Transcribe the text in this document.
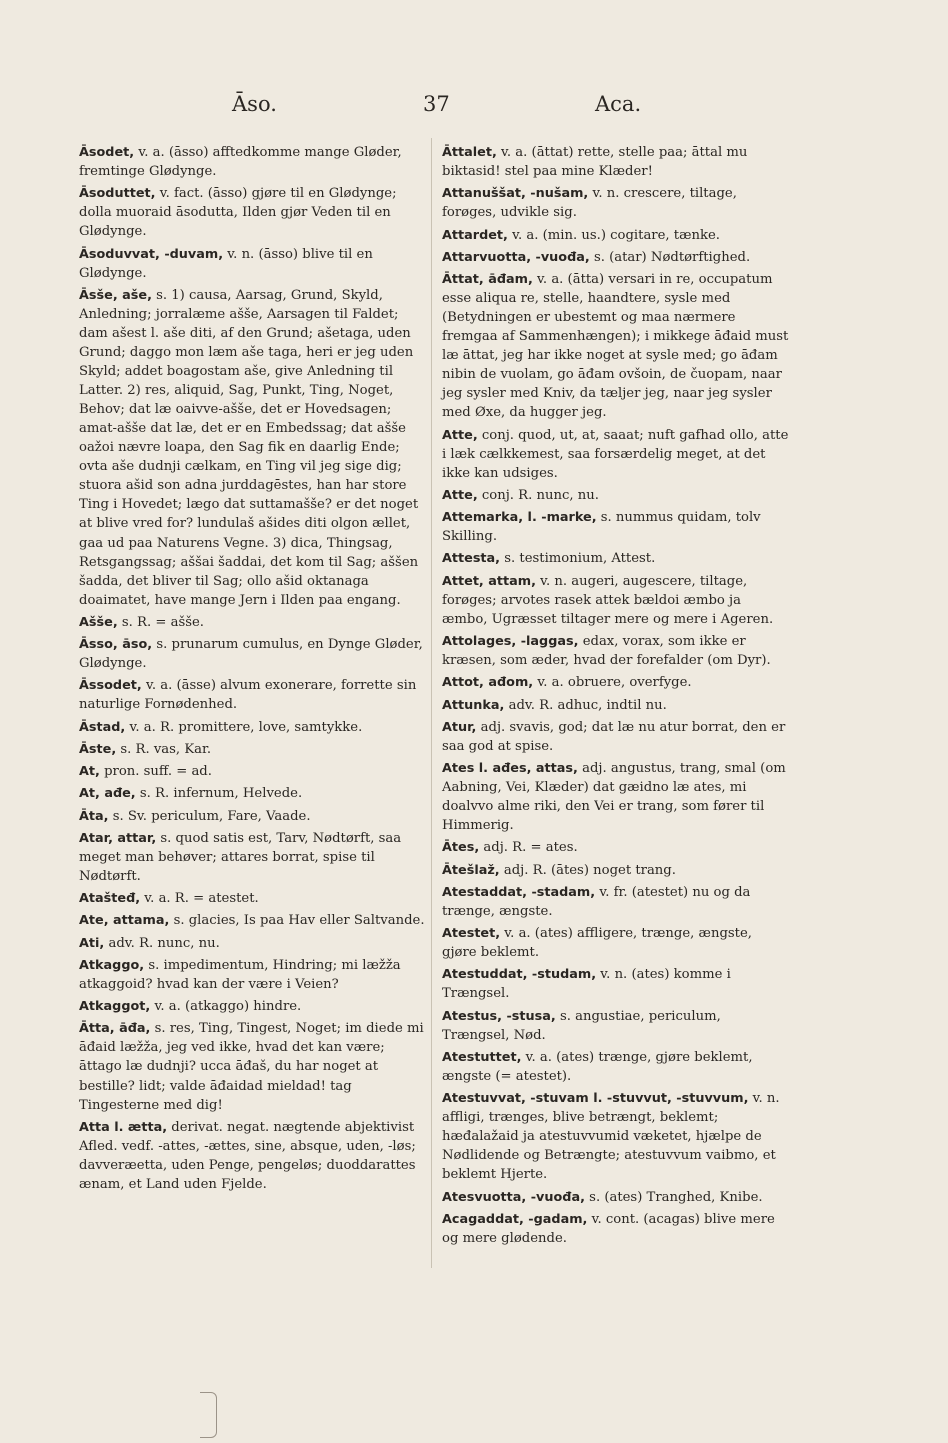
Āso.	37	Aca.

Āsodet, v. a. (āsso) afftedkomme mange Gløder, fremtinge Glødynge.

Āsoduttet, v. fact. (āsso) gjøre til en Glødynge; dolla muoraid āsodutta, Ilden gjør Veden til en Glødynge.

Āsoduvvat, -duvam, v. n. (āsso) blive til en Glødynge.

Āsše, aše, s. 1) causa, Aarsag, Grund, Skyld, Anledning; jorralæme ašše, Aarsagen til Faldet; dam ašest l. aše diti, af den Grund; ašetaga, uden Grund; daggo mon læm aše taga, heri er jeg uden Skyld; addet boagostam aše, give Anledning til Latter. 2) res, aliquid, Sag, Punkt, Ting, Noget, Behov; dat læ oaivve-ašše, det er Hovedsagen; amat-ašše dat læ, det er en Embedssag; dat ašše oažoi nævre loapa, den Sag fik en daarlig Ende; ovta aše dudnji cælkam, en Ting vil jeg sige dig; stuora ašid son adna jurddagēstes, han har store Ting i Hovedet; lægo dat suttamašše? er det noget at blive vred for? lundulaš ašides diti olgon ællet, gaa ud paa Naturens Vegne. 3) dica, Thingsag, Retsgangssag; aššai šaddai, det kom til Sag; aššen šadda, det bliver til Sag; ollo ašid oktanaga doaimatet, have mange Jern i Ilden paa engang.

Ašše, s. R. = ašše.

Āsso, āso, s. prunarum cumulus, en Dynge Gløder, Glødynge.

Āssodet, v. a. (āsse) alvum exonerare, forrette sin naturlige Fornødenhed.

Āstad, v. a. R. promittere, love, samtykke.

Āste, s. R. vas, Kar.

At, pron. suff. = ad.

At, ađe, s. R. infernum, Helvede.

Āta, s. Sv. periculum, Fare, Vaade.

Atar, attar, s. quod satis est, Tarv, Nødtørft, saa meget man behøver; attares borrat, spise til Nødtørft.

Atašteđ, v. a. R. = atestet.

Ate, attama, s. glacies, Is paa Hav eller Saltvande.

Ati, adv. R. nunc, nu.

Atkaggo, s. impedimentum, Hindring; mi læžža atkaggoid? hvad kan der være i Veien?

Atkaggot, v. a. (atkaggo) hindre.

Ātta, āđa, s. res, Ting, Tingest, Noget; im diede mi āđaid læžža, jeg ved ikke, hvad det kan være; āttago læ dudnji? ucca āđaš, du har noget at bestille? lidt; valde āđaidad mieldad! tag Tingesterne med dig!

Atta l. ætta, derivat. negat. nægtende abjektivist Afled. vedf. -attes, -ættes, sine, absque, uden, -løs; davveræetta, uden Penge, pengeløs; duoddarattes ænam, et Land uden Fjelde.

Āttalet, v. a. (āttat) rette, stelle paa; āttal mu biktasid! stel paa mine Klæder!

Attanuššat, -nušam, v. n. crescere, tiltage, forøges, udvikle sig.

Attardet, v. a. (min. us.) cogitare, tænke.

Attarvuotta, -vuođa, s. (atar) Nødtørftighed.

Āttat, āđam, v. a. (ātta) versari in re, occupatum esse aliqua re, stelle, haandtere, sysle med (Betydningen er ubestemt og maa nærmere fremgaa af Sammenhængen); i mikkege āđaid must læ āttat, jeg har ikke noget at sysle med; go āđam nibin de vuolam, go āđam ovšoin, de čuopam, naar jeg sysler med Kniv, da tæljer jeg, naar jeg sysler med Øxe, da hugger jeg.

Atte, conj. quod, ut, at, saaat; nuft gafhad ollo, atte i læk cælkkemest, saa forsærdelig meget, at det ikke kan udsiges.

Atte, conj. R. nunc, nu.

Attemarka, l. -marke, s. nummus quidam, tolv Skilling.

Attesta, s. testimonium, Attest.

Attet, attam, v. n. augeri, augescere, tiltage, forøges; arvotes rasek attek bældoi æmbo ja æmbo, Ugræsset tiltager mere og mere i Ageren.

Attolages, -laggas, edax, vorax, som ikke er kræsen, som æder, hvad der forefalder (om Dyr).

Attot, ađom, v. a. obruere, overfyge.

Attunka, adv. R. adhuc, indtil nu.

Atur, adj. svavis, god; dat læ nu atur borrat, den er saa god at spise.

Ates l. ađes, attas, adj. angustus, trang, smal (om Aabning, Vei, Klæder) dat gæidno læ ates, mi doalvvo alme riki, den Vei er trang, som fører til Himmerig.

Ātes, adj. R. = ates.

Ātešlaž, adj. R. (ātes) noget trang.

Atestaddat, -stadam, v. fr. (atestet) nu og da trænge, ængste.

Atestet, v. a. (ates) affligere, trænge, ængste, gjøre beklemt.

Atestuddat, -studam, v. n. (ates) komme i Trængsel.

Atestus, -stusa, s. angustiae, periculum, Trængsel, Nød.

Atestuttet, v. a. (ates) trænge, gjøre beklemt, ængste (= atestet).

Atestuvvat, -stuvam l. -stuvvut, -stuvvum, v. n. affligi, trænges, blive betrængt, beklemt; hæđalažaid ja atestuvvumid væketet, hjælpe de Nødlidende og Betrængte; atestuvvum vaibmo, et beklemt Hjerte.

Atesvuotta, -vuođa, s. (ates) Tranghed, Knibe.

Acagaddat, -gadam, v. cont. (acagas) blive mere og mere glødende.
